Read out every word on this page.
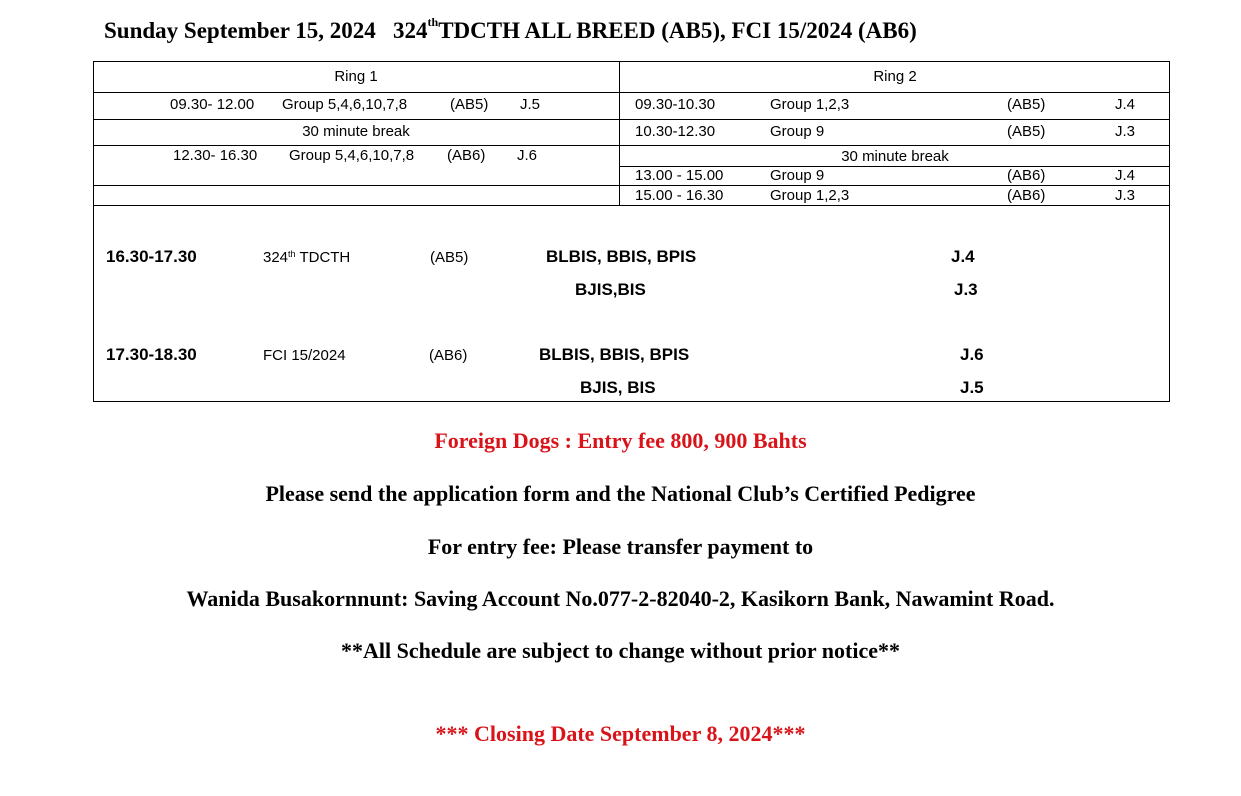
Sunday September 15, 2024 324thTDCTH ALL BREED (AB5), FCI 15/2024 (AB6)
Ring 1	Ring 2
09.30- 12.00 Group 5,4,6,10,7,8	(AB5) J.5
30 minute break
12.30- 16.30 Group 5,4,6,10,7,8 (AB6) J.6
09.30-10.30	Group 1,2,3	(AB5)	J.4
10.30-12.30	Group 9	(AB5)	J.3
30 minute break
13.00 - 15.00	Group 9	(AB6)	J.4
15.00 - 16.30	Group 1,2,3	(AB6)	J.3
16.30-17.30	324th TDCTH	(AB5)	BLBIS, BBIS, BPIS	J.4
BJIS,BIS	J.3
17.30-18.30	FCI 15/2024	(AB6)	BLBIS, BBIS, BPIS	J.6
BJIS, BIS	J.5
Foreign Dogs : Entry fee 800, 900 Bahts
Please send the application form and the National Club’s Certified Pedigree
For entry fee: Please transfer payment to
Wanida Busakornnunt: Saving Account No.077-2-82040-2, Kasikorn Bank, Nawamint Road.
**All Schedule are subject to change without prior notice**
*** Closing Date September 8, 2024***
